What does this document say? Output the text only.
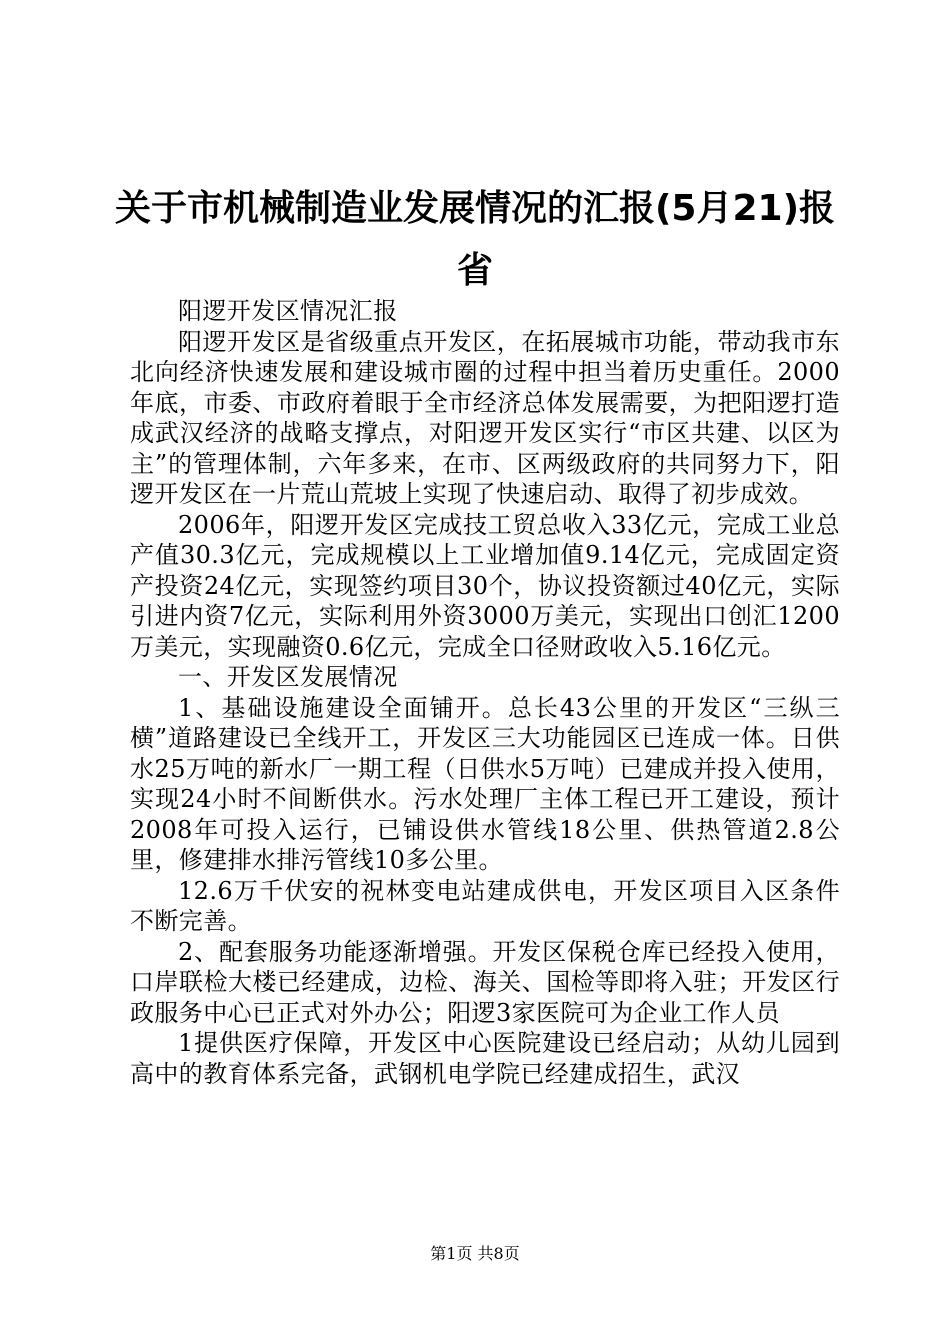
关于市机械制造业发展情况的汇报(5月21)报省

阳逻开发区情况汇报

阳逻开发区是省级重点开发区，在拓展城市功能，带动我市东北向经济快速发展和建设城市圈的过程中担当着历史重任。2000年底，市委、市政府着眼于全市经济总体发展需要，为把阳逻打造成武汉经济的战略支撑点，对阳逻开发区实行“市区共建、以区为主”的管理体制，六年多来，在市、区两级政府的共同努力下，阳逻开发区在一片荒山荒坡上实现了快速启动、取得了初步成效。

2006年，阳逻开发区完成技工贸总收入33亿元，完成工业总产值30.3亿元，完成规模以上工业增加值9.14亿元，完成固定资产投资24亿元，实现签约项目30个，协议投资额过40亿元，实际引进内资7亿元，实际利用外资3000万美元，实现出口创汇1200万美元，实现融资0.6亿元，完成全口径财政收入5.16亿元。

一、开发区发展情况

1、基础设施建设全面铺开。总长43公里的开发区“三纵三横”道路建设已全线开工，开发区三大功能园区已连成一体。日供水25万吨的新水厂一期工程（日供水5万吨）已建成并投入使用，实现24小时不间断供水。污水处理厂主体工程已开工建设，预计2008年可投入运行，已铺设供水管线18公里、供热管道2.8公里，修建排水排污管线10多公里。

12.6万千伏安的祝林变电站建成供电，开发区项目入区条件不断完善。

2、配套服务功能逐渐增强。开发区保税仓库已经投入使用，口岸联检大楼已经建成，边检、海关、国检等即将入驻；开发区行政服务中心已正式对外办公；阳逻3家医院可为企业工作人员

1提供医疗保障，开发区中心医院建设已经启动；从幼儿园到高中的教育体系完备，武钢机电学院已经建成招生，武汉

第1页 共8页
